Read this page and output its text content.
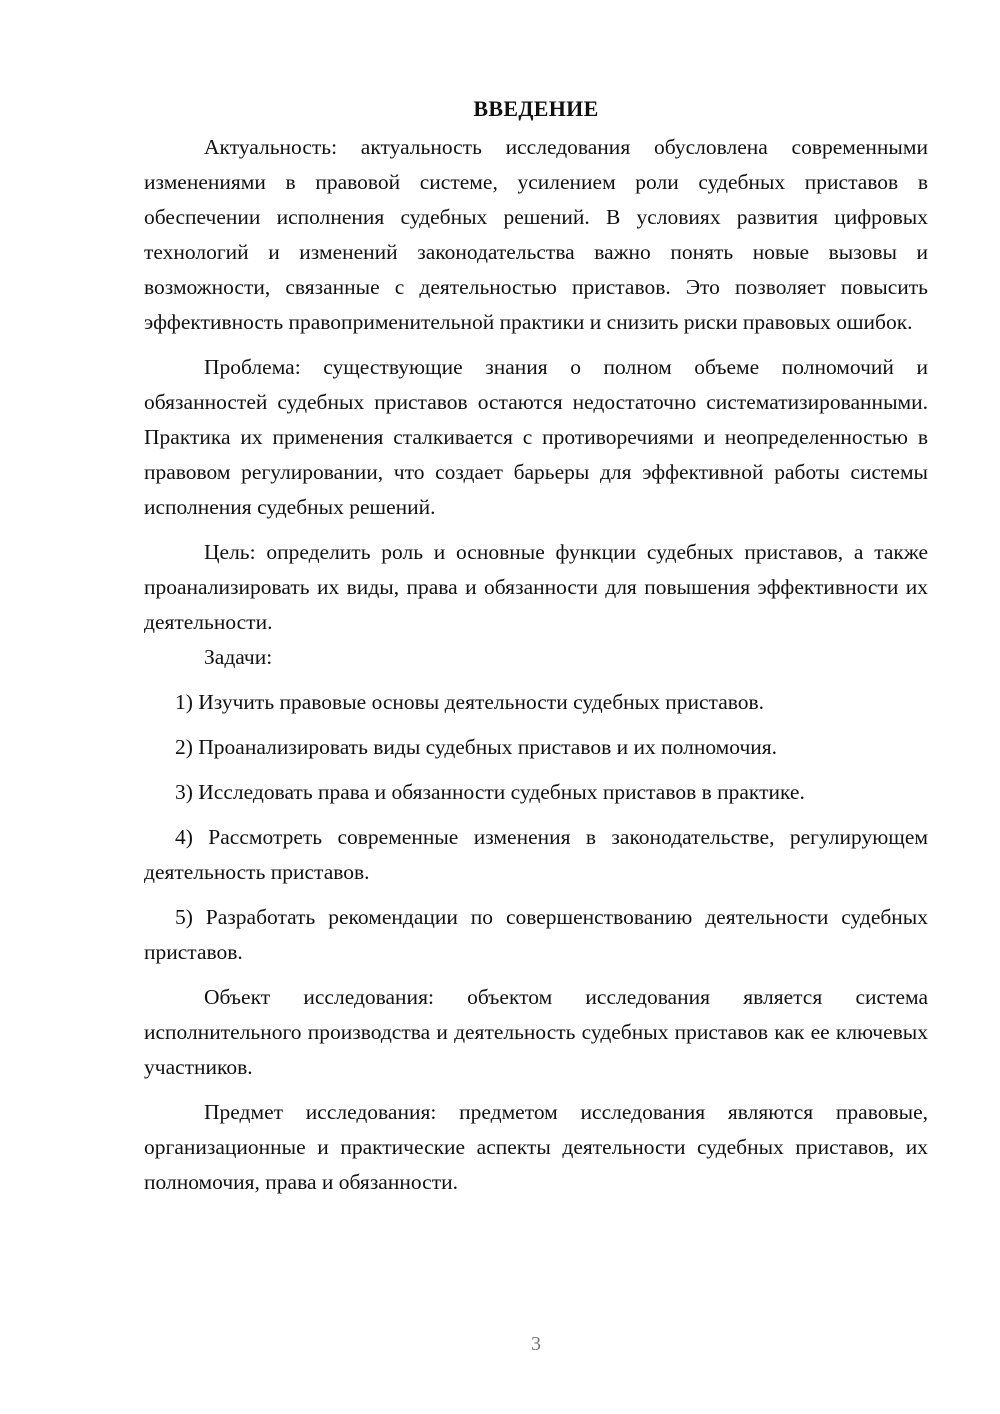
ВВЕДЕНИЕ

Актуальность: актуальность исследования обусловлена современными изменениями в правовой системе, усилением роли судебных приставов в обеспечении исполнения судебных решений. В условиях развития цифровых технологий и изменений законодательства важно понять новые вызовы и возможности, связанные с деятельностью приставов. Это позволяет повысить эффективность правоприменительной практики и снизить риски правовых ошибок.

Проблема: существующие знания о полном объеме полномочий и обязанностей судебных приставов остаются недостаточно систематизированными. Практика их применения сталкивается с противоречиями и неопределенностью в правовом регулировании, что создает барьеры для эффективной работы системы исполнения судебных решений.

Цель: определить роль и основные функции судебных приставов, а также проанализировать их виды, права и обязанности для повышения эффективности их деятельности.

Задачи:

1) Изучить правовые основы деятельности судебных приставов.

2) Проанализировать виды судебных приставов и их полномочия.

3) Исследовать права и обязанности судебных приставов в практике.

4) Рассмотреть современные изменения в законодательстве, регулирующем деятельность приставов.

5) Разработать рекомендации по совершенствованию деятельности судебных приставов.

Объект исследования: объектом исследования является система исполнительного производства и деятельность судебных приставов как ее ключевых участников.

Предмет исследования: предметом исследования являются правовые, организационные и практические аспекты деятельности судебных приставов, их полномочия, права и обязанности.

3
